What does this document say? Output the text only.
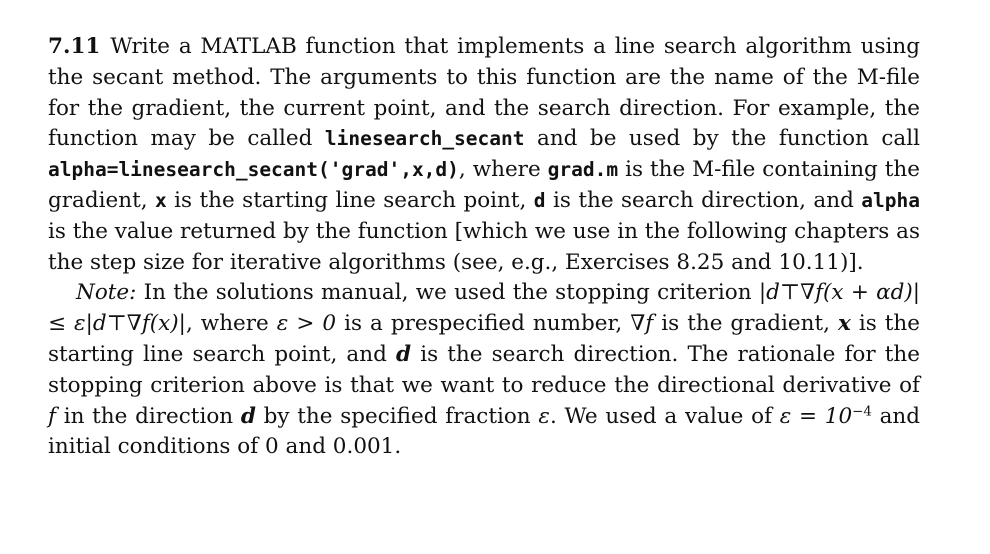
7.11 Write a MATLAB function that implements a line search algorithm using the secant method. The arguments to this function are the name of the M-file for the gradient, the current point, and the search direction. For example, the function may be called linesearch_secant and be used by the function call alpha=linesearch_secant('grad',x,d), where grad.m is the M-file containing the gradient, x is the starting line search point, d is the search direction, and alpha is the value returned by the function [which we use in the following chapters as the step size for iterative algorithms (see, e.g., Exercises 8.25 and 10.11)].

Note: In the solutions manual, we used the stopping criterion |d⊤∇f(x + αd)| ≤ ε|d⊤∇f(x)|, where ε > 0 is a prespecified number, ∇f is the gradient, x is the starting line search point, and d is the search direction. The rationale for the stopping criterion above is that we want to reduce the directional derivative of f in the direction d by the specified fraction ε. We used a value of $\varepsilon = 10^{-4}$ and initial conditions of 0 and 0.001.
